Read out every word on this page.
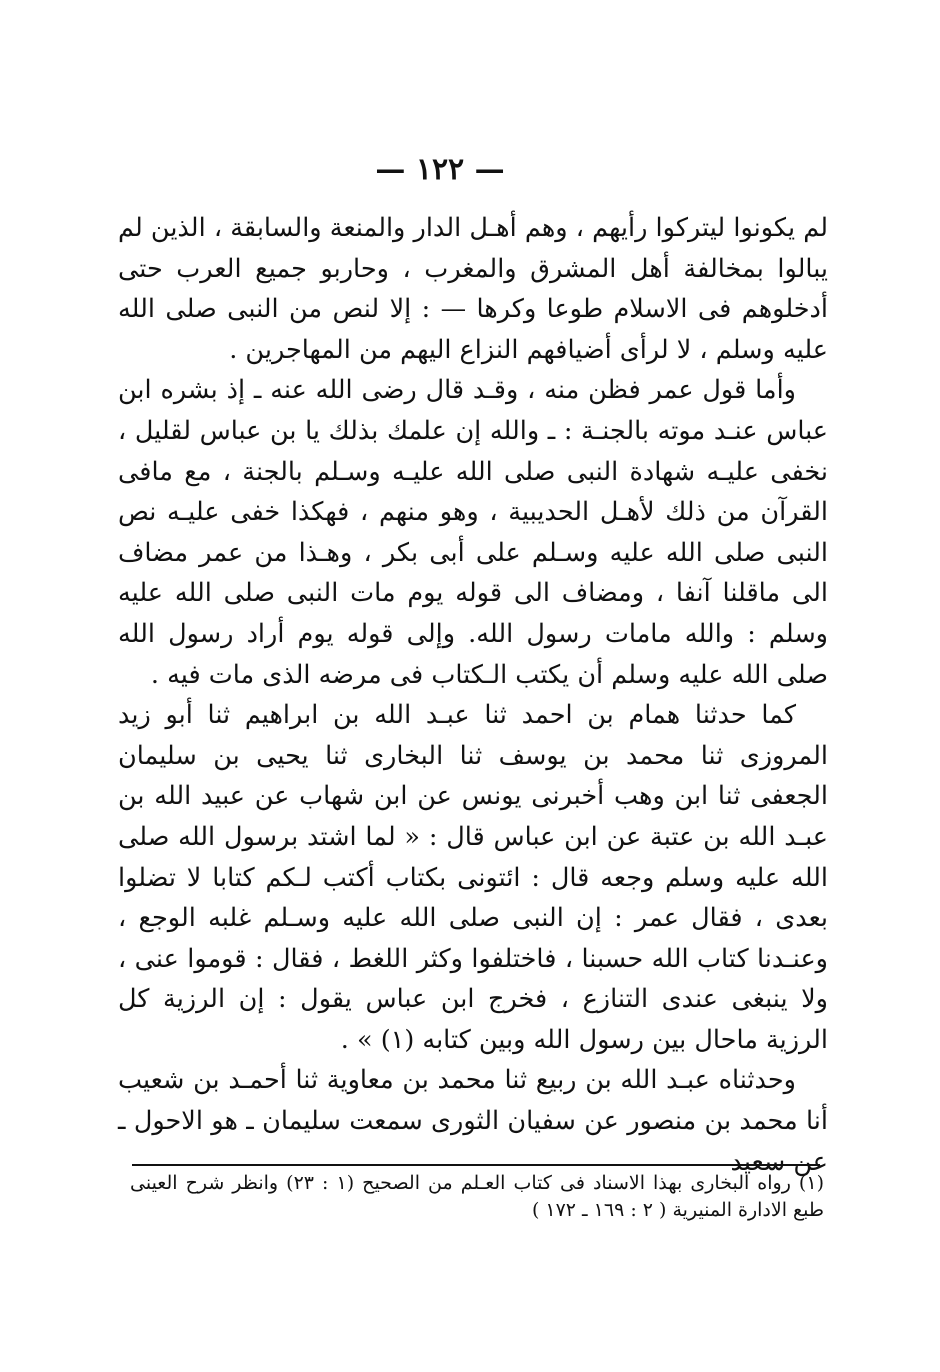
— ١٢٢ —

لم يكونوا ليتركوا رأيهم ، وهم أهـل الدار والمنعة والسابقة ، الذين لم يبالوا بمخالفة أهل المشرق والمغرب ، وحاربو جميع العرب حتى أدخلوهم فى الاسلام طوعا وكرها — : إلا لنص من النبى صلى الله عليه وسلم ، لا لرأى أضيافهم النزاع اليهم من المهاجرين .

وأما قول عمر فظن منه ، وقـد قال رضى الله عنه ـ إذ بشره ابن عباس عنـد موته بالجنـة : ـ والله إن علمك بذلك يا بن عباس لقليل ، نخفى عليـه شهادة النبى صلى الله عليـه وسـلم بالجنة ، مع مافى القرآن من ذلك لأهـل الحديبية ، وهو منهم ، فهكذا خفى عليـه نص النبى صلى الله عليه وسـلم على أبى بكر ، وهـذا من عمر مضاف الى ماقلنا آنفا ، ومضاف الى قوله يوم مات النبى صلى الله عليه وسلم : والله مامات رسول الله. وإلى قوله يوم أراد رسول الله صلى الله عليه وسلم أن يكتب الـكتاب فى مرضه الذى مات فيه .

كما حدثنا همام بن احمد ثنا عبـد الله بن ابراهيم ثنا أبو زيد المروزى ثنا محمد بن يوسف ثنا البخارى ثنا يحيى بن سليمان الجعفى ثنا ابن وهب أخبرنى يونس عن ابن شهاب عن عبيد الله بن عبـد الله بن عتبة عن ابن عباس قال : « لما اشتد برسول الله صلى الله عليه وسلم وجعه قال : ائتونى بكتاب أكتب لـكم كتابا لا تضلوا بعدى ، فقال عمر : إن النبى صلى الله عليه وسـلم غلبه الوجع ، وعنـدنا كتاب الله حسبنا ، فاختلفوا وكثر اللغط ، فقال : قوموا عنى ، ولا ينبغى عندى التنازع ، فخرج ابن عباس يقول : إن الرزية كل الرزية ماحال بين رسول الله وبين كتابه (١) » .

وحدثناه عبـد الله بن ربيع ثنا محمد بن معاوية ثنا أحمـد بن شعيب أنا محمد بن منصور عن سفيان الثورى سمعت سليمان ـ هو الاحول ـ عن سعيد

(١) رواه البخارى بهذا الاسناد فى كتاب العـلم من الصحيح (١ : ٢٣) وانظر شرح العينى طبع الادارة المنيرية ( ٢ : ١٦٩ ـ ١٧٢ )
